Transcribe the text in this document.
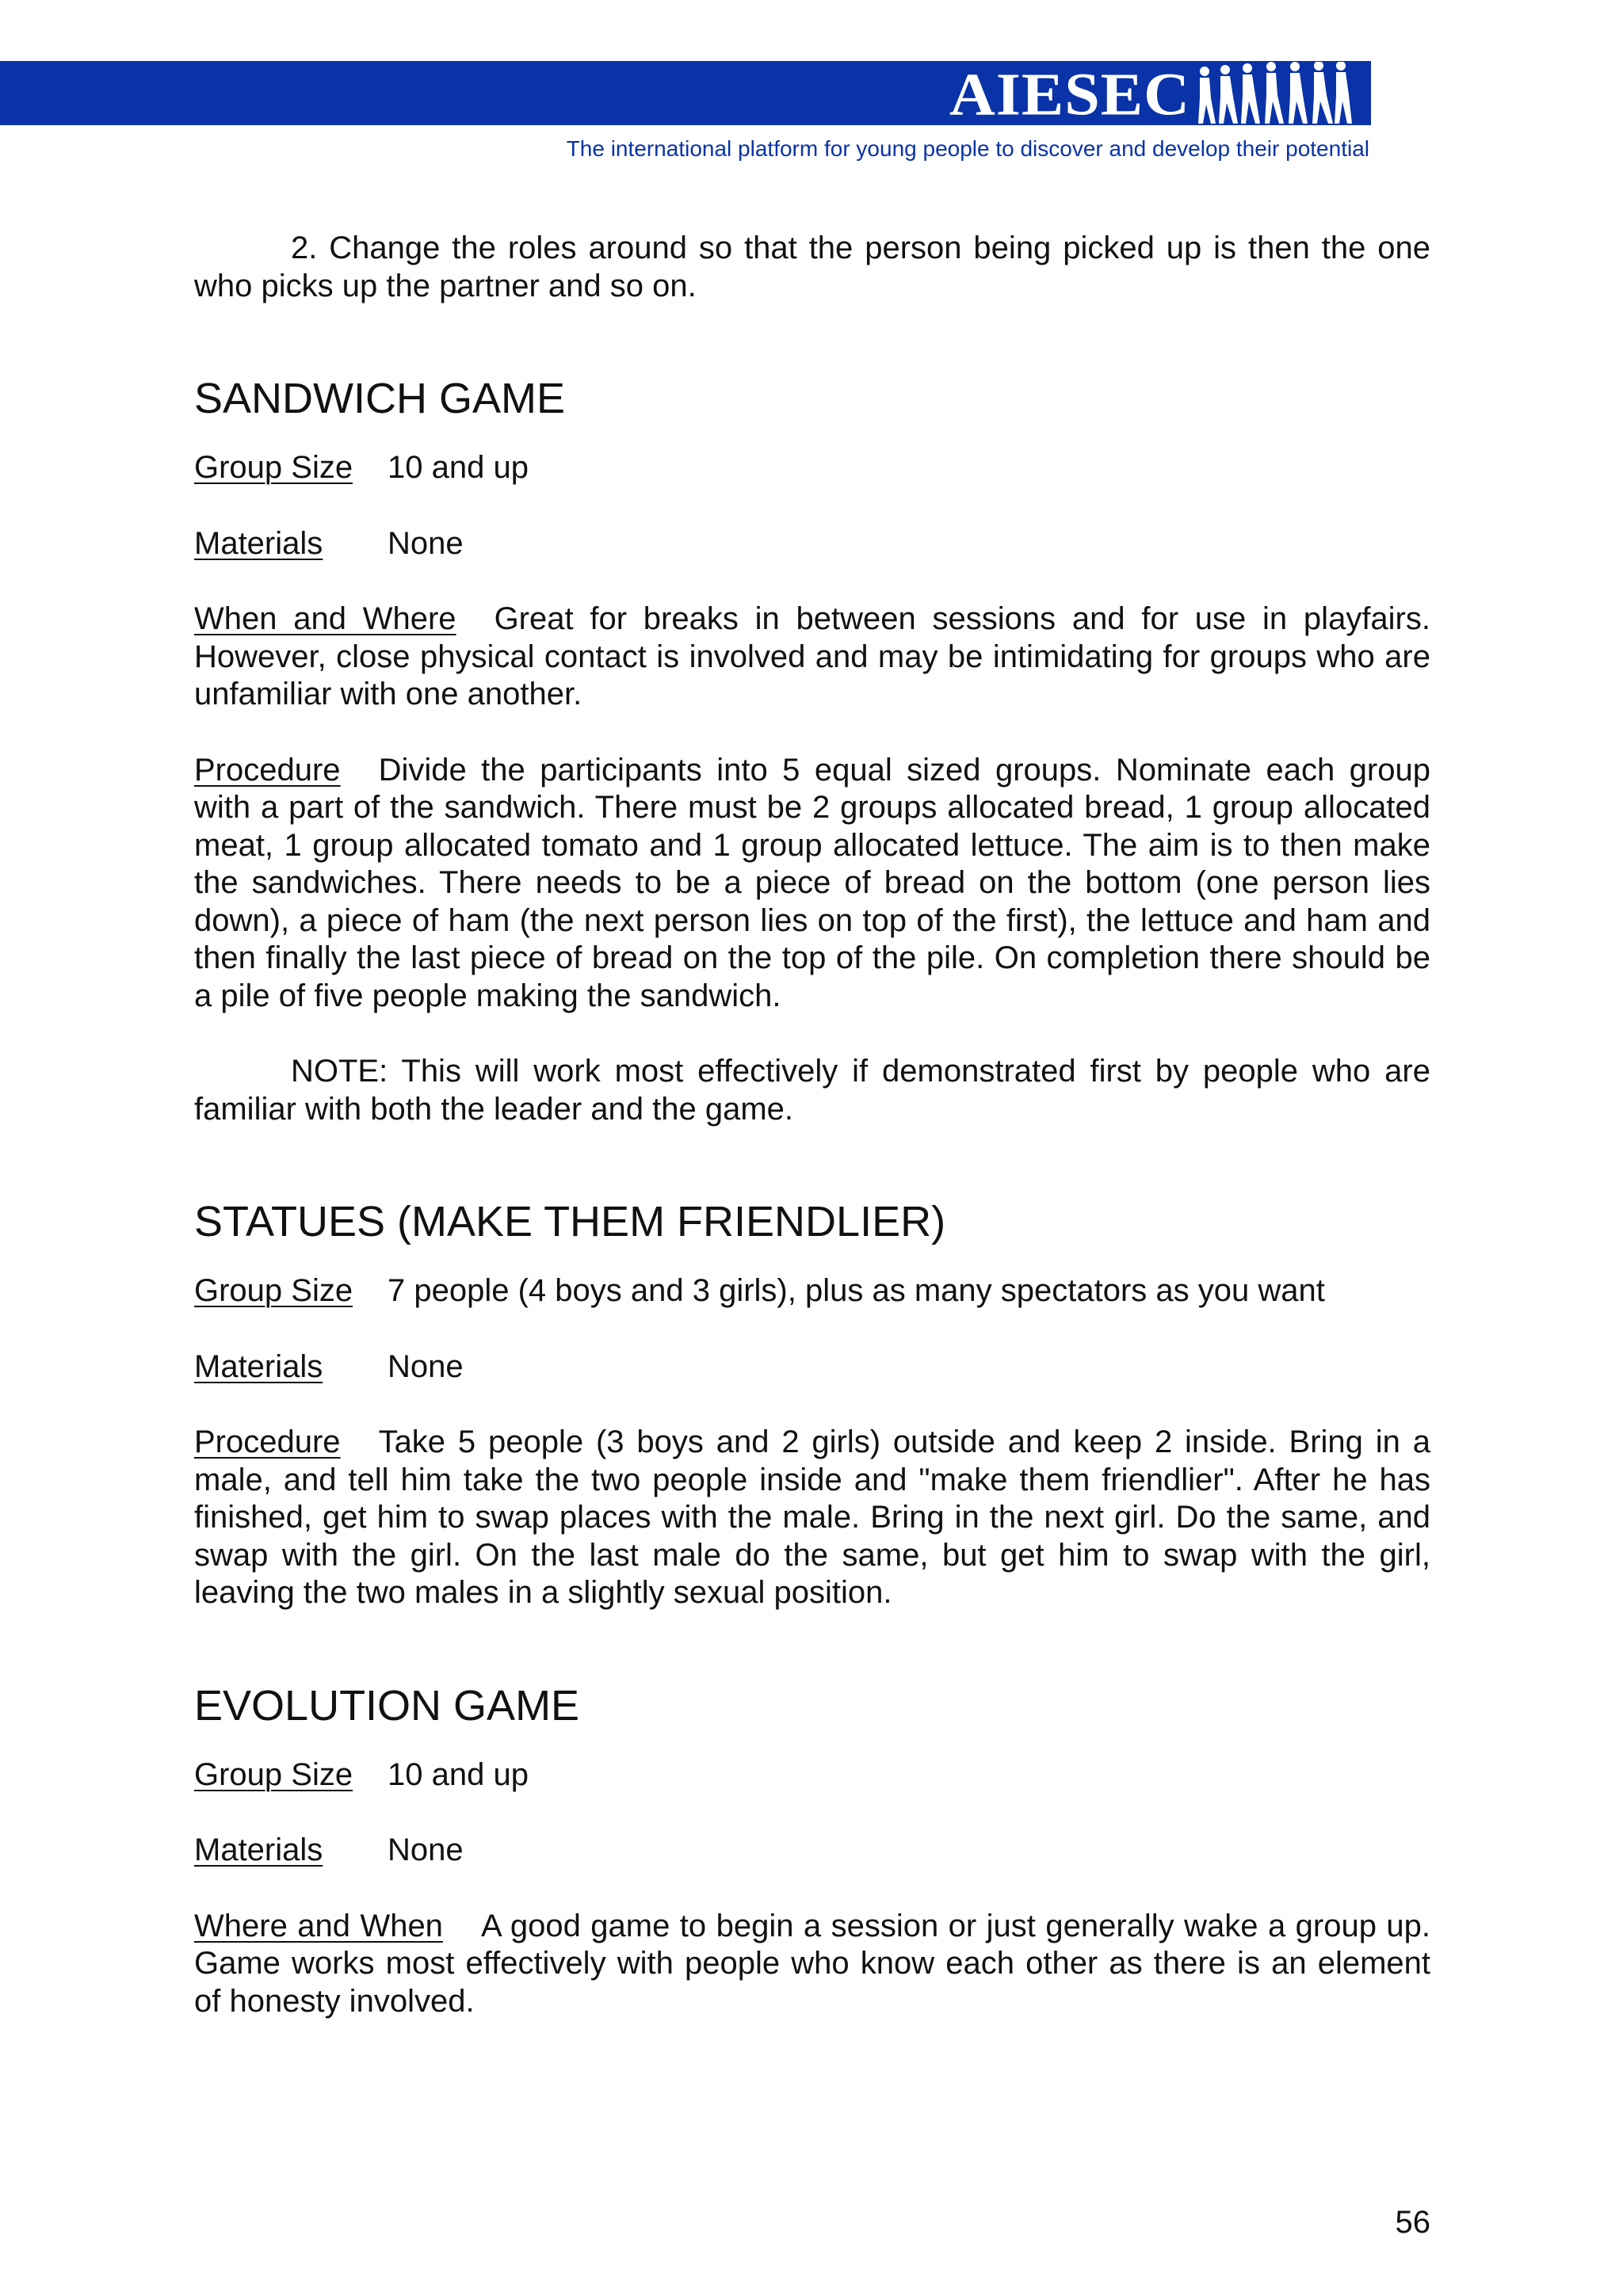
AIESEC
The international platform for young people to discover and develop their potential

2. Change the roles around so that the person being picked up is then the one who picks up the partner and so on.

SANDWICH GAME
Group Size	10 and up
Materials	None

When and Where Great for breaks in between sessions and for use in playfairs. However, close physical contact is involved and may be intimidating for groups who are unfamiliar with one another.

Procedure Divide the participants into 5 equal sized groups. Nominate each group with a part of the sandwich. There must be 2 groups allocated bread, 1 group allocated meat, 1 group allocated tomato and 1 group allocated lettuce. The aim is to then make the sandwiches. There needs to be a piece of bread on the bottom (one person lies down), a piece of ham (the next person lies on top of the first), the lettuce and ham and then finally the last piece of bread on the top of the pile. On completion there should be a pile of five people making the sandwich.

NOTE: This will work most effectively if demonstrated first by people who are familiar with both the leader and the game.

STATUES (MAKE THEM FRIENDLIER)
Group Size	7 people (4 boys and 3 girls), plus as many spectators as you want
Materials	None

Procedure Take 5 people (3 boys and 2 girls) outside and keep 2 inside. Bring in a male, and tell him take the two people inside and "make them friendlier". After he has finished, get him to swap places with the male. Bring in the next girl. Do the same, and swap with the girl. On the last male do the same, but get him to swap with the girl, leaving the two males in a slightly sexual position.

EVOLUTION GAME
Group Size	10 and up
Materials	None

Where and When A good game to begin a session or just generally wake a group up. Game works most effectively with people who know each other as there is an element of honesty involved.

56
